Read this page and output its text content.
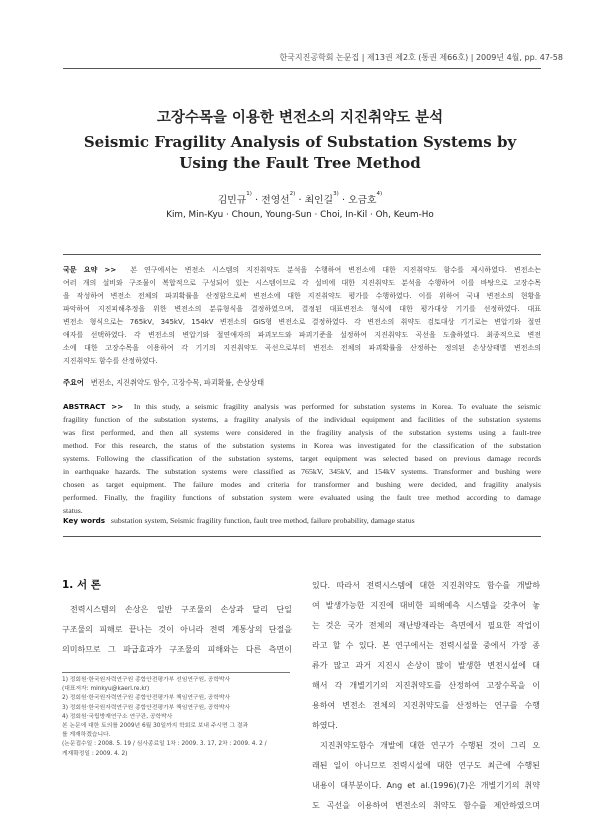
한국지진공학회 논문집 | 제13권 제2호 (통권 제66호) | 2009년 4월, pp. 47-58
고장수목을 이용한 변전소의 지진취약도 분석
Seismic Fragility Analysis of Substation Systems by
Using the Fault Tree Method
김민규$^{1)}$ · 전영선$^{2)}$ · 최인길$^{3)}$ · 오금호$^{4)}$
Kim, Min-Kyu · Choun, Young-Sun · Choi, In-Kil · Oh, Keum-Ho
국문 요약 >> 본 연구에서는 변전소 시스템의 지진취약도 분석을 수행하여 변전소에 대한 지진취약도 함수를 제시하였다. 변전소는
여러 개의 설비와 구조물이 복합적으로 구성되어 있는 시스템이므로 각 설비에 대한 지진취약도 분석을 수행하여 이를 바탕으로 고장수목
을 작성하여 변전소 전체의 파괴확률을 산정함으로써 변전소에 대한 지진취약도 평가를 수행하였다. 이를 위하여 국내 변전소의 현황을
파악하여 지진피해추정을 위한 변전소의 분류형식을 결정하였으며, 결정된 대표변전소 형식에 대한 평가대상 기기를 선정하였다. 대표
변전소 형식으로는 765kV, 345kV, 154kV 변전소의 GIS형 변전소로 결정하였다. 각 변전소의 취약도 검토대상 기기로는 변압기와 절연
애자를 선택하였다. 각 변전소의 변압기와 절연애자의 파괴모드와 파괴기준을 설정하여 지진취약도 곡선을 도출하였다. 최종적으로 변전
소에 대한 고장수목을 이용하여 각 기기의 지진취약도 곡선으로부터 변전소 전체의 파괴확률을 산정하는 정의된 손상상태별 변전소의
지진취약도 함수를 산정하였다.
주요어 변전소, 지진취약도 함수, 고장수목, 파괴확률, 손상상태
ABSTRACT >> In this study, a seismic fragility analysis was performed for substation systems in Korea. To evaluate the seismic
fragility function of the substation systems, a fragility analysis of the individual equipment and facilities of the substation systems
was first performed, and then all systems were considered in the fragility analysis of the substation systems using a fault-tree
method. For this research, the status of the substation systems in Korea was investigated for the classification of the substation
systems. Following the classification of the substation systems, target equipment was selected based on previous damage records
in earthquake hazards. The substation systems were classified as 765kV, 345kV, and 154kV systems. Transformer and bushing were
chosen as target equipment. The failure modes and criteria for transformer and bushing were decided, and fragility analysis
performed. Finally, the fragility functions of substation system were evaluated using the fault tree method according to damage
status.
Key words substation system, Seismic fragility function, fault tree method, failure probability, damage status
1. 서 론
전력시스템의 손상은 일반 구조물의 손상과 달리 단일
구조물의 피해로 끝나는 것이 아니라 전력 계통상의 단절을
의미하므로 그 파급효과가 구조물의 피해와는 다른 측면이
1) 정회원·한국원자력연구원 종합안전평가부 선임연구원, 공학박사
(대표저자: minkyu@kaeri.re.kr)
2) 정회원·한국원자력연구원 종합안전평가부 책임연구원, 공학박사
3) 정회원·한국원자력연구원 종합안전평가부 책임연구원, 공학박사
4) 정회원·국립방재연구소 연구관, 공학박사
본 논문에 대한 토의를 2009년 6월 30일까지 학회로 보내 주시면 그 결과
를 게재하겠습니다.
(논문접수일 : 2008. 5. 19 / 심사종료일 1차 : 2009. 3. 17, 2차 : 2009. 4. 2 /
게재확정일 : 2009. 4. 2)
있다. 따라서 전력시스템에 대한 지진취약도 함수를 개발하
여 발생가능한 지진에 대비한 피해예측 시스템을 갖추어 놓
는 것은 국가 전체의 재난방재라는 측면에서 필요한 작업이
라고 할 수 있다. 본 연구에서는 전력시설물 중에서 가장 종
류가 많고 과거 지진시 손상이 많이 발생한 변전시설에 대
해서 각 개별기기의 지진취약도를 산정하여 고장수목을 이
용하여 변전소 전체의 지진취약도를 산정하는 연구를 수행
하였다.
지진취약도함수 개발에 대한 연구가 수행된 것이 그리 오
래된 일이 아니므로 전력시설에 대한 연구도 최근에 수행된
내용이 대부분이다. Ang et al.(1996)(7)은 개별기기의 취약
도 곡선을 이용하여 변전소의 취약도 함수를 제안하였으며
